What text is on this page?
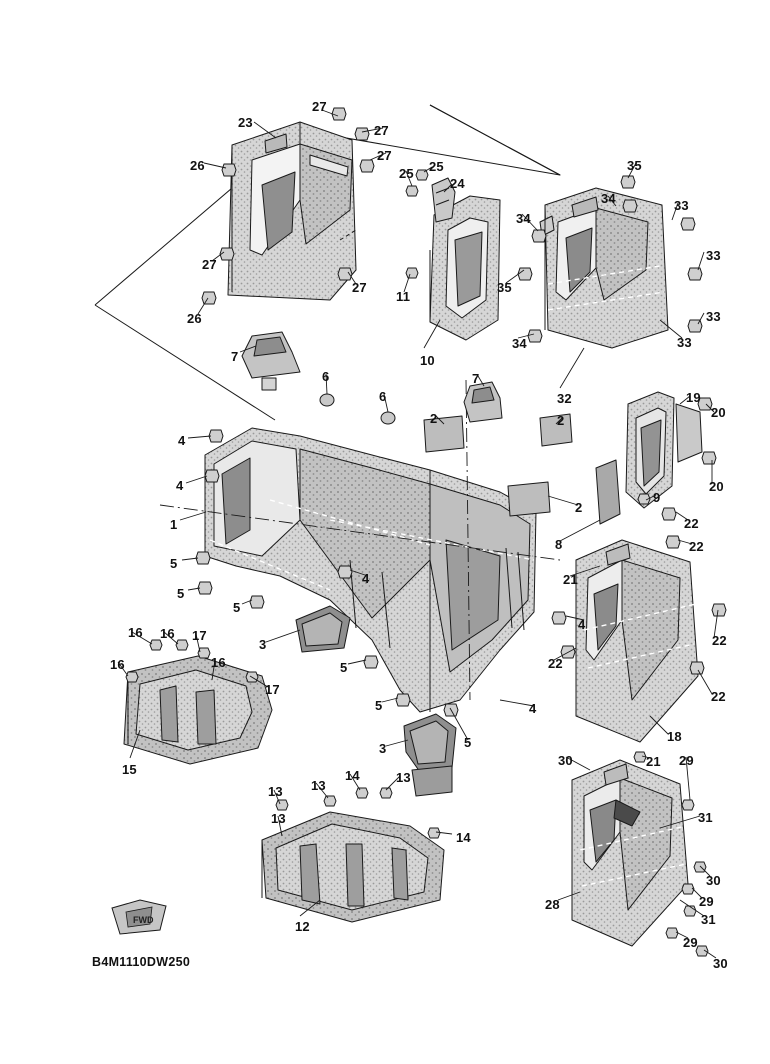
FWD
B4M1110DW250
27
23
27
27
26
25 25
24
35
34	33
34
33
27
27	35
11
26	33
33
34
10
7
32
6
6
7
19
2	2
20
4
20
4
2
9
1
8
22
22
5
5
4	21
5
4
22
16 16 17
3
16	16	22
22
17
5
5	4
5	18
3
30	21 29
15
13 13
14	13
31
13
14
30
28	29
12	31
29
30
